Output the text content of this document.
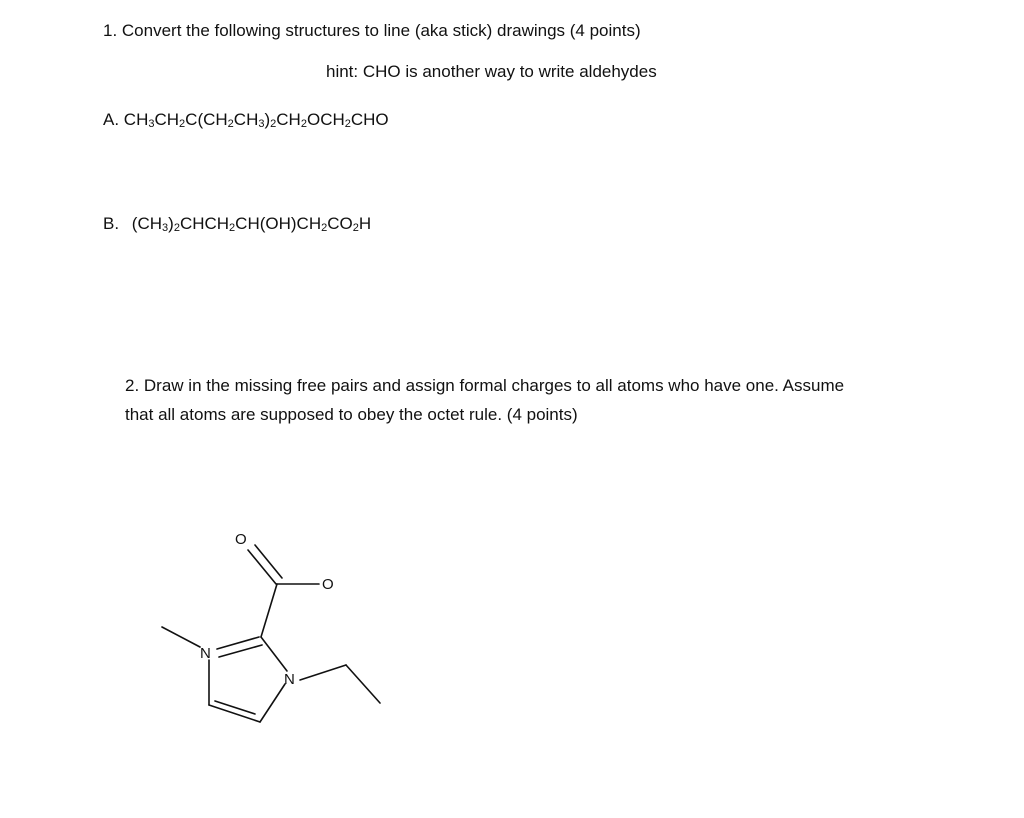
1. Convert the following structures to line (aka stick) drawings (4 points)
hint: CHO is another way to write aldehydes
A. $CH_3CH_2C(CH_2CH_3)_2CH_2OCH_2CHO$
B. $(CH_3)_2CHCH_2CH(OH)CH_2CO_2H$
2. Draw in the missing free pairs and assign formal charges to all atoms who have one. Assume
that all atoms are supposed to obey the octet rule. (4 points)
O
O
N
N
